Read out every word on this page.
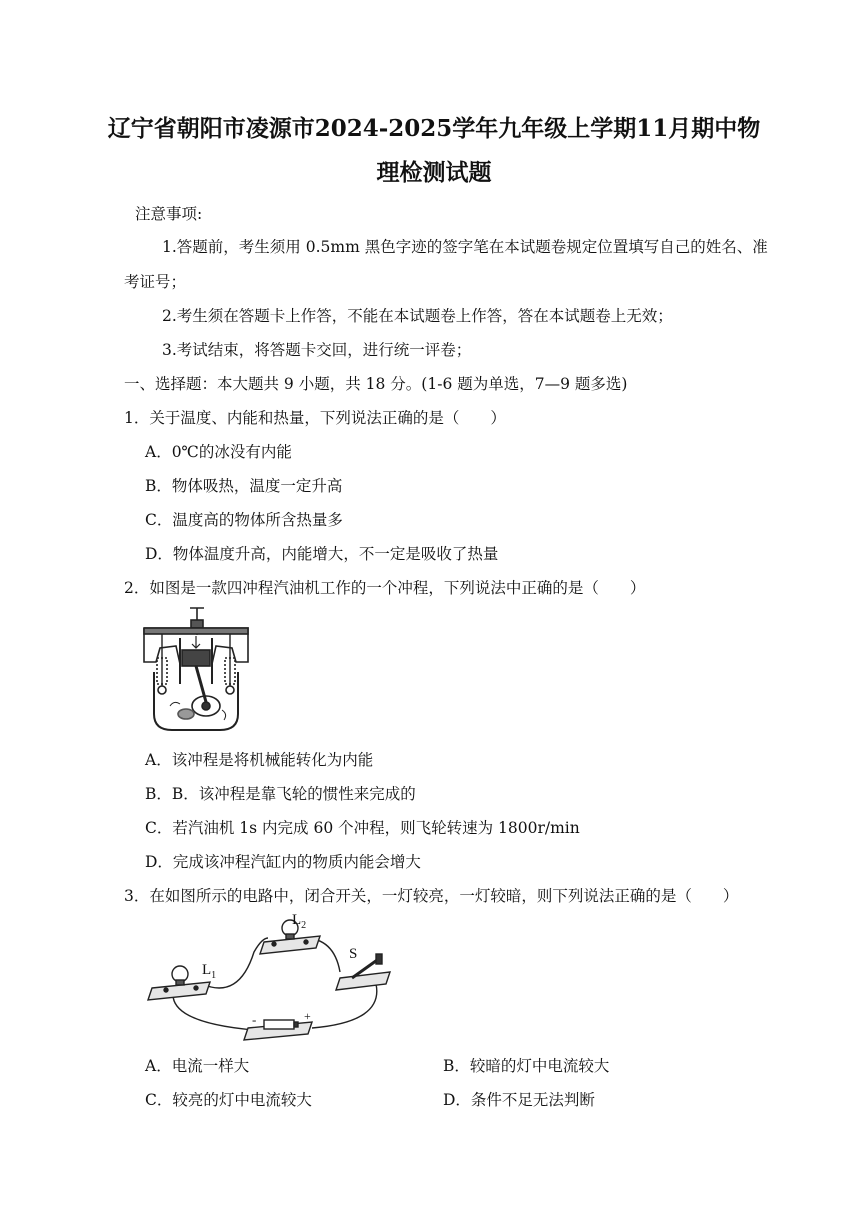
辽宁省朝阳市凌源市2024-2025学年九年级上学期11月期中物
理检测试题
注意事项:
1.答题前，考生须用 0.5mm 黑色字迹的签字笔在本试题卷规定位置填写自己的姓名、准
考证号；
2.考生须在答题卡上作答，不能在本试题卷上作答，答在本试题卷上无效；
3.考试结束，将答题卡交回，进行统一评卷；
一、选择题：本大题共 9 小题，共 18 分。(1-6 题为单选，7—9 题多选)
1．关于温度、内能和热量，下列说法正确的是（　　）
A．0℃的冰没有内能
B．物体吸热，温度一定升高
C．温度高的物体所含热量多
D．物体温度升高，内能增大，不一定是吸收了热量
2．如图是一款四冲程汽油机工作的一个冲程，下列说法中正确的是（　　）
A．该冲程是将机械能转化为内能
B．B．该冲程是靠飞轮的惯性来完成的
C．若汽油机 1s 内完成 60 个冲程，则飞轮转速为 1800r/min
D．完成该冲程汽缸内的物质内能会增大
3．在如图所示的电路中，闭合开关，一灯较亮，一灯较暗，则下列说法正确的是（　　）
$L_1$
$L_2$
S
-	+
A．电流一样大	B．较暗的灯中电流较大
C．较亮的灯中电流较大	D．条件不足无法判断
